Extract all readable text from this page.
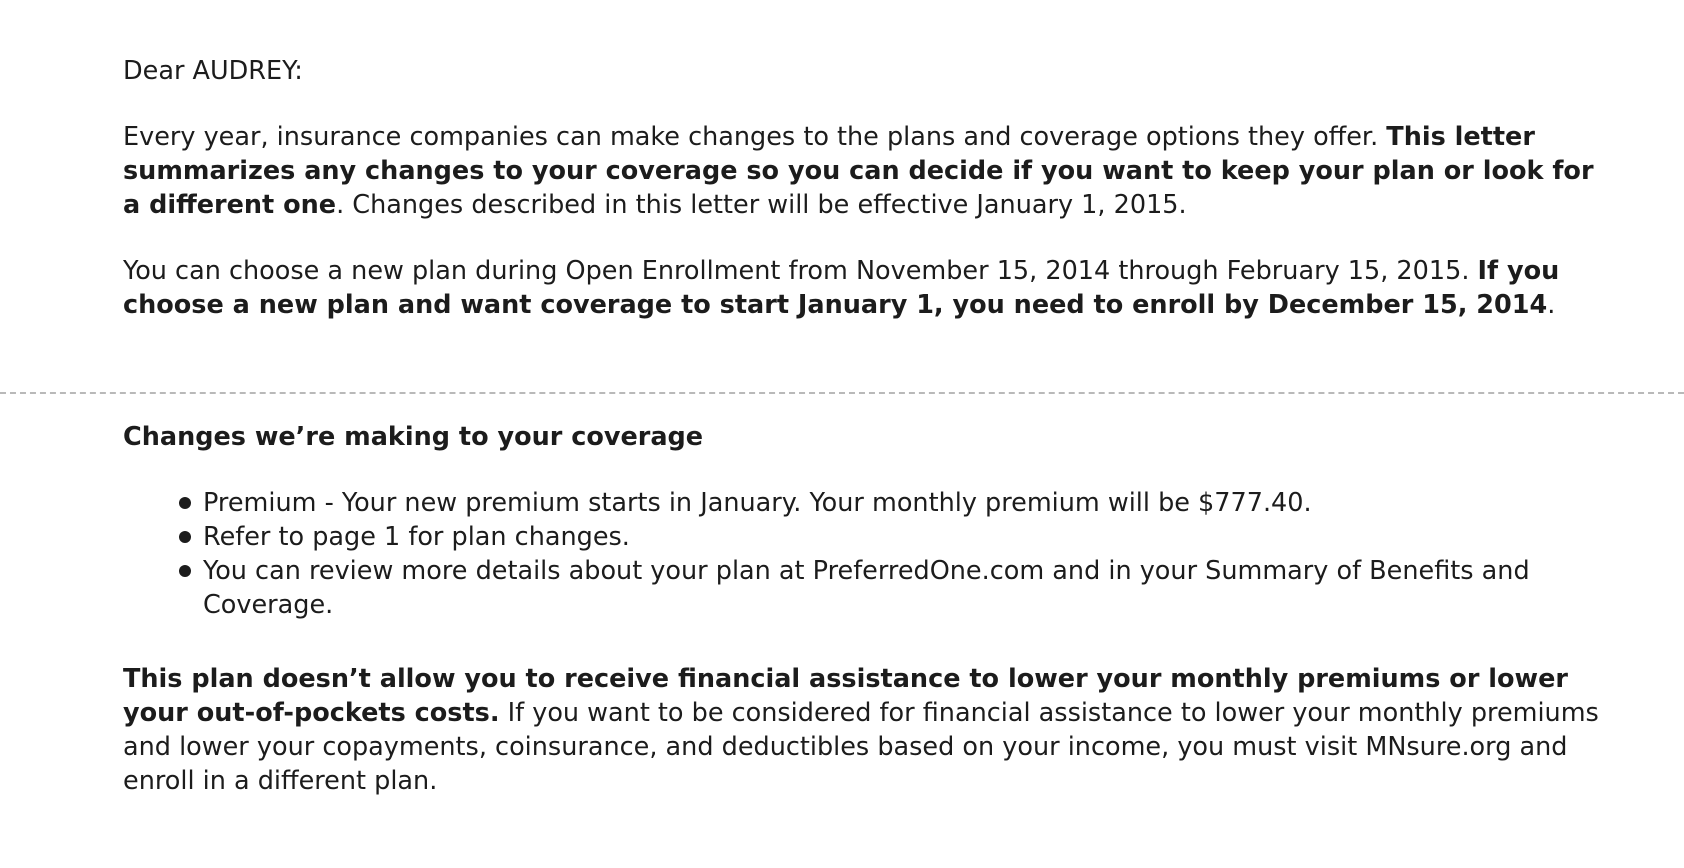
Dear AUDREY:

Every year, insurance companies can make changes to the plans and coverage options they offer. This letter summarizes any changes to your coverage so you can decide if you want to keep your plan or look for a different one. Changes described in this letter will be effective January 1, 2015.

You can choose a new plan during Open Enrollment from November 15, 2014 through February 15, 2015. If you choose a new plan and want coverage to start January 1, you need to enroll by December 15, 2014.

Changes we’re making to your coverage

Premium - Your new premium starts in January. Your monthly premium will be $777.40.
Refer to page 1 for plan changes.
You can review more details about your plan at PreferredOne.com and in your Summary of Benefits and Coverage.

This plan doesn’t allow you to receive financial assistance to lower your monthly premiums or lower your out-of-pockets costs. If you want to be considered for financial assistance to lower your monthly premiums and lower your copayments, coinsurance, and deductibles based on your income, you must visit MNsure.org and enroll in a different plan.
